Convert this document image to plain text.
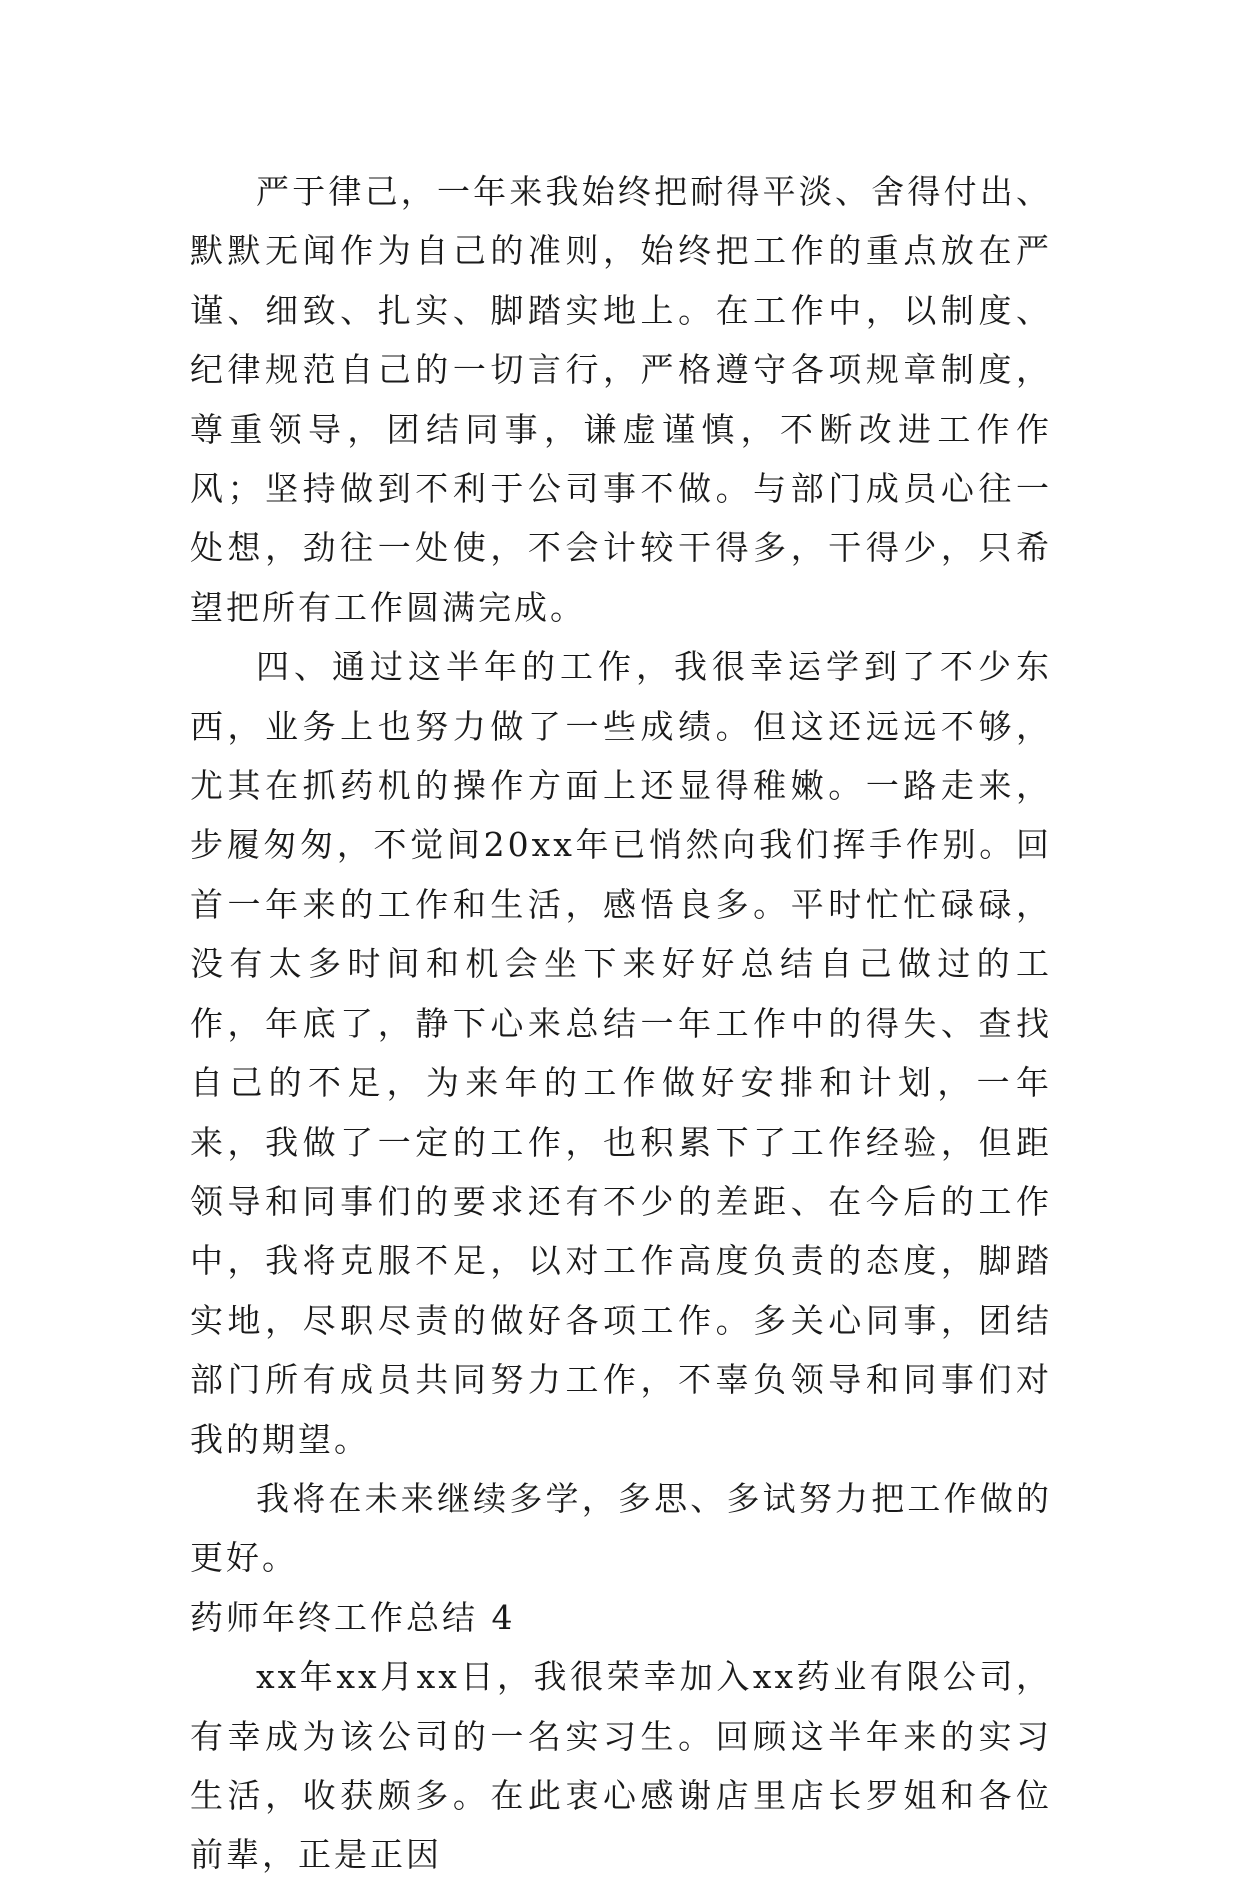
严于律己，一年来我始终把耐得平淡、舍得付出、默默无闻作为自己的准则，始终把工作的重点放在严谨、细致、扎实、脚踏实地上。在工作中，以制度、纪律规范自己的一切言行，严格遵守各项规章制度，尊重领导，团结同事，谦虚谨慎，不断改进工作作风；坚持做到不利于公司事不做。与部门成员心往一处想，劲往一处使，不会计较干得多，干得少，只希望把所有工作圆满完成。

四、通过这半年的工作，我很幸运学到了不少东西，业务上也努力做了一些成绩。但这还远远不够，尤其在抓药机的操作方面上还显得稚嫩。一路走来，步履匆匆，不觉间20xx年已悄然向我们挥手作别。回首一年来的工作和生活，感悟良多。平时忙忙碌碌，没有太多时间和机会坐下来好好总结自己做过的工作，年底了，静下心来总结一年工作中的得失、查找自己的不足，为来年的工作做好安排和计划，一年来，我做了一定的工作，也积累下了工作经验，但距领导和同事们的要求还有不少的差距、在今后的工作中，我将克服不足，以对工作高度负责的态度，脚踏实地，尽职尽责的做好各项工作。多关心同事，团结部门所有成员共同努力工作，不辜负领导和同事们对我的期望。

我将在未来继续多学，多思、多试努力把工作做的更好。

药师年终工作总结 4

xx年xx月xx日，我很荣幸加入xx药业有限公司，有幸成为该公司的一名实习生。回顾这半年来的实习生活，收获颇多。在此衷心感谢店里店长罗姐和各位前辈，正是正因
